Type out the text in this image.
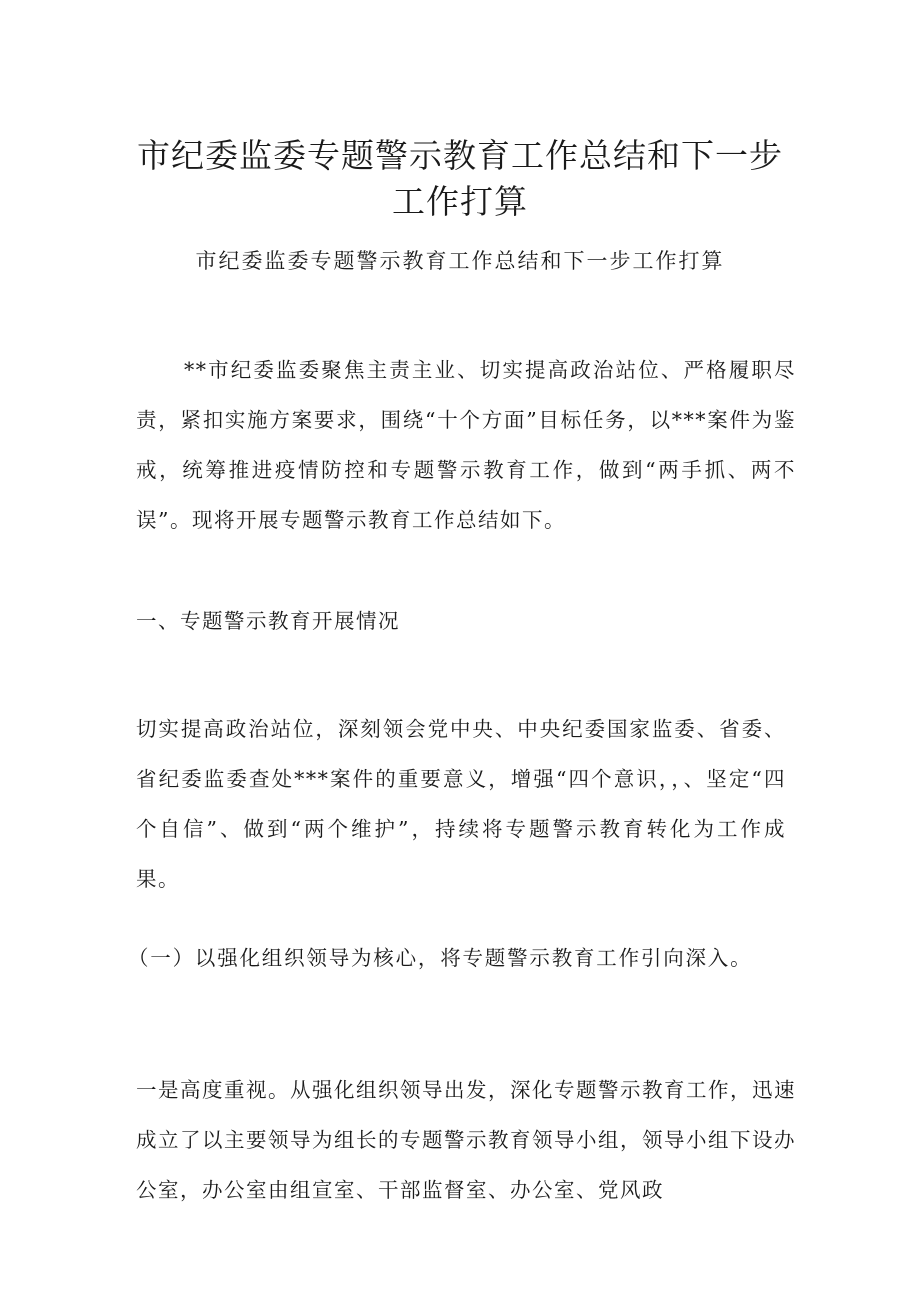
市纪委监委专题警示教育工作总结和下一步
工作打算

市纪委监委专题警示教育工作总结和下一步工作打算

**市纪委监委聚焦主责主业、切实提高政治站位、严格履职尽责，紧扣实施方案要求，围绕“十个方面”目标任务，以***案件为鉴戒，统筹推进疫情防控和专题警示教育工作，做到“两手抓、两不误”。现将开展专题警示教育工作总结如下。

一、专题警示教育开展情况

切实提高政治站位，深刻领会党中央、中央纪委国家监委、省委、省纪委监委查处***案件的重要意义，增强“四个意识，，、坚定“四个自信”、做到“两个维护”，持续将专题警示教育转化为工作成果。

（一）以强化组织领导为核心，将专题警示教育工作引向深入。

一是高度重视。从强化组织领导出发，深化专题警示教育工作，迅速成立了以主要领导为组长的专题警示教育领导小组，领导小组下设办公室，办公室由组宣室、干部监督室、办公室、党风政
